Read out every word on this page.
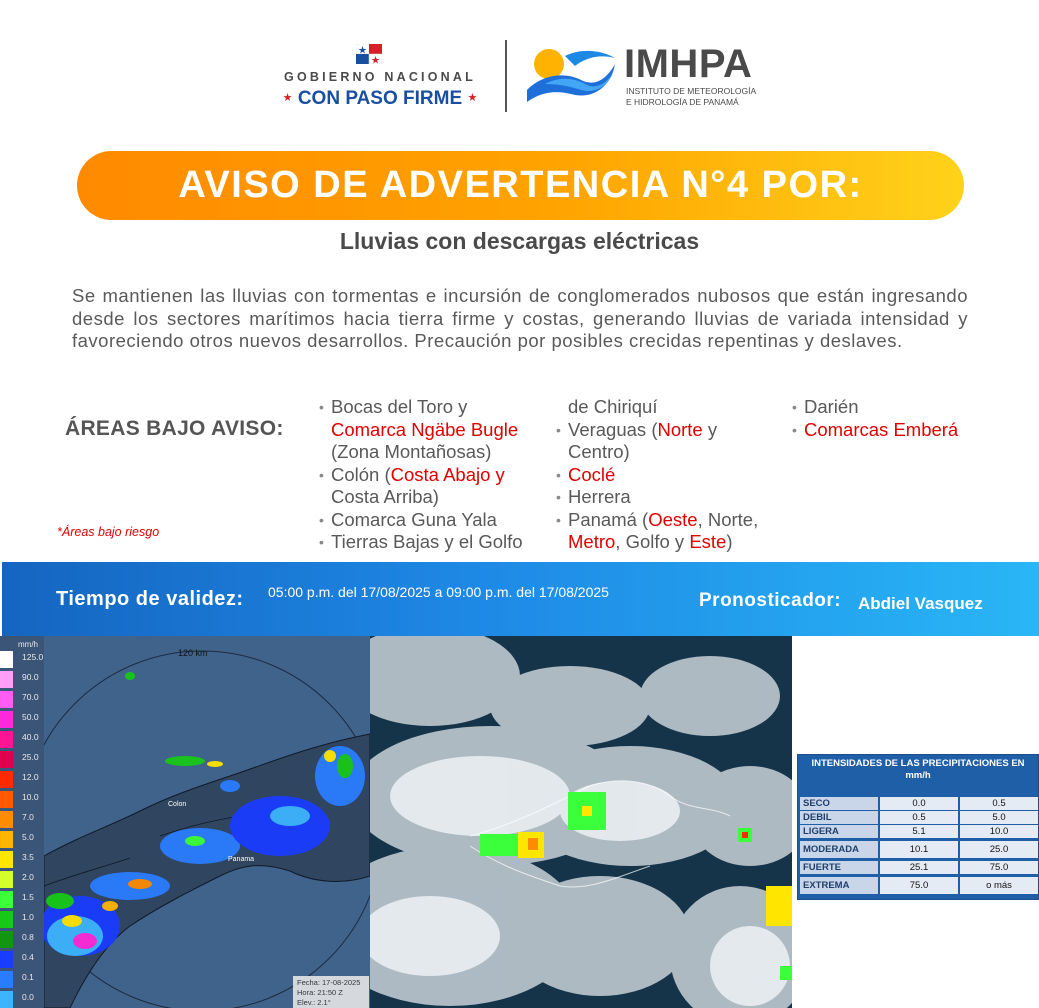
GOBIERNO NACIONAL
★ CON PASO FIRME ★
IMHPA
INSTITUTO DE METEOROLOGÍA
E HIDROLOGÍA DE PANAMÁ
AVISO DE ADVERTENCIA N°4 POR:
Lluvias con descargas eléctricas
Se mantienen las lluvias con tormentas e incursión de conglomerados nubosos que están ingresando desde los sectores marítimos hacia tierra firme y costas, generando lluvias de variada intensidad y favoreciendo otros nuevos desarrollos. Precaución por posibles crecidas repentinas y deslaves.
ÁREAS BAJO AVISO:
*Áreas bajo riesgo
• Bocas del Toro y
Comarca Ngäbe Bugle
(Zona Montañosas)
• Colón (Costa Abajo y
Costa Arriba)
• Comarca Guna Yala
• Tierras Bajas y el Golfo
de Chiriquí
• Veraguas (Norte y
Centro)
• Coclé
• Herrera
• Panamá (Oeste, Norte,
Metro, Golfo y Este)
• Darién
• Comarcas Emberá
Tiempo de validez: 05:00 p.m. del 17/08/2025 a 09:00 p.m. del 17/08/2025	Pronosticador: Abdiel Vasquez
mm/h
125.0
90.0
70.0
50.0
40.0
25.0
12.0
10.0
7.0
5.0
3.5
2.0
1.5
1.0
0.8
0.4
0.1
0.0
120 km
Colon
Panama
Fecha: 17-08-2025
Hora: 21:50 Z
Elev.: 2.1°
INTENSIDADES DE LAS PRECIPITACIONES EN mm/h
SECO	0.0	0.5
DEBIL	0.5	5.0
LIGERA	5.1	10.0
MODERADA	10.1	25.0
FUERTE	25.1	75.0
EXTREMA	75.0	o más
